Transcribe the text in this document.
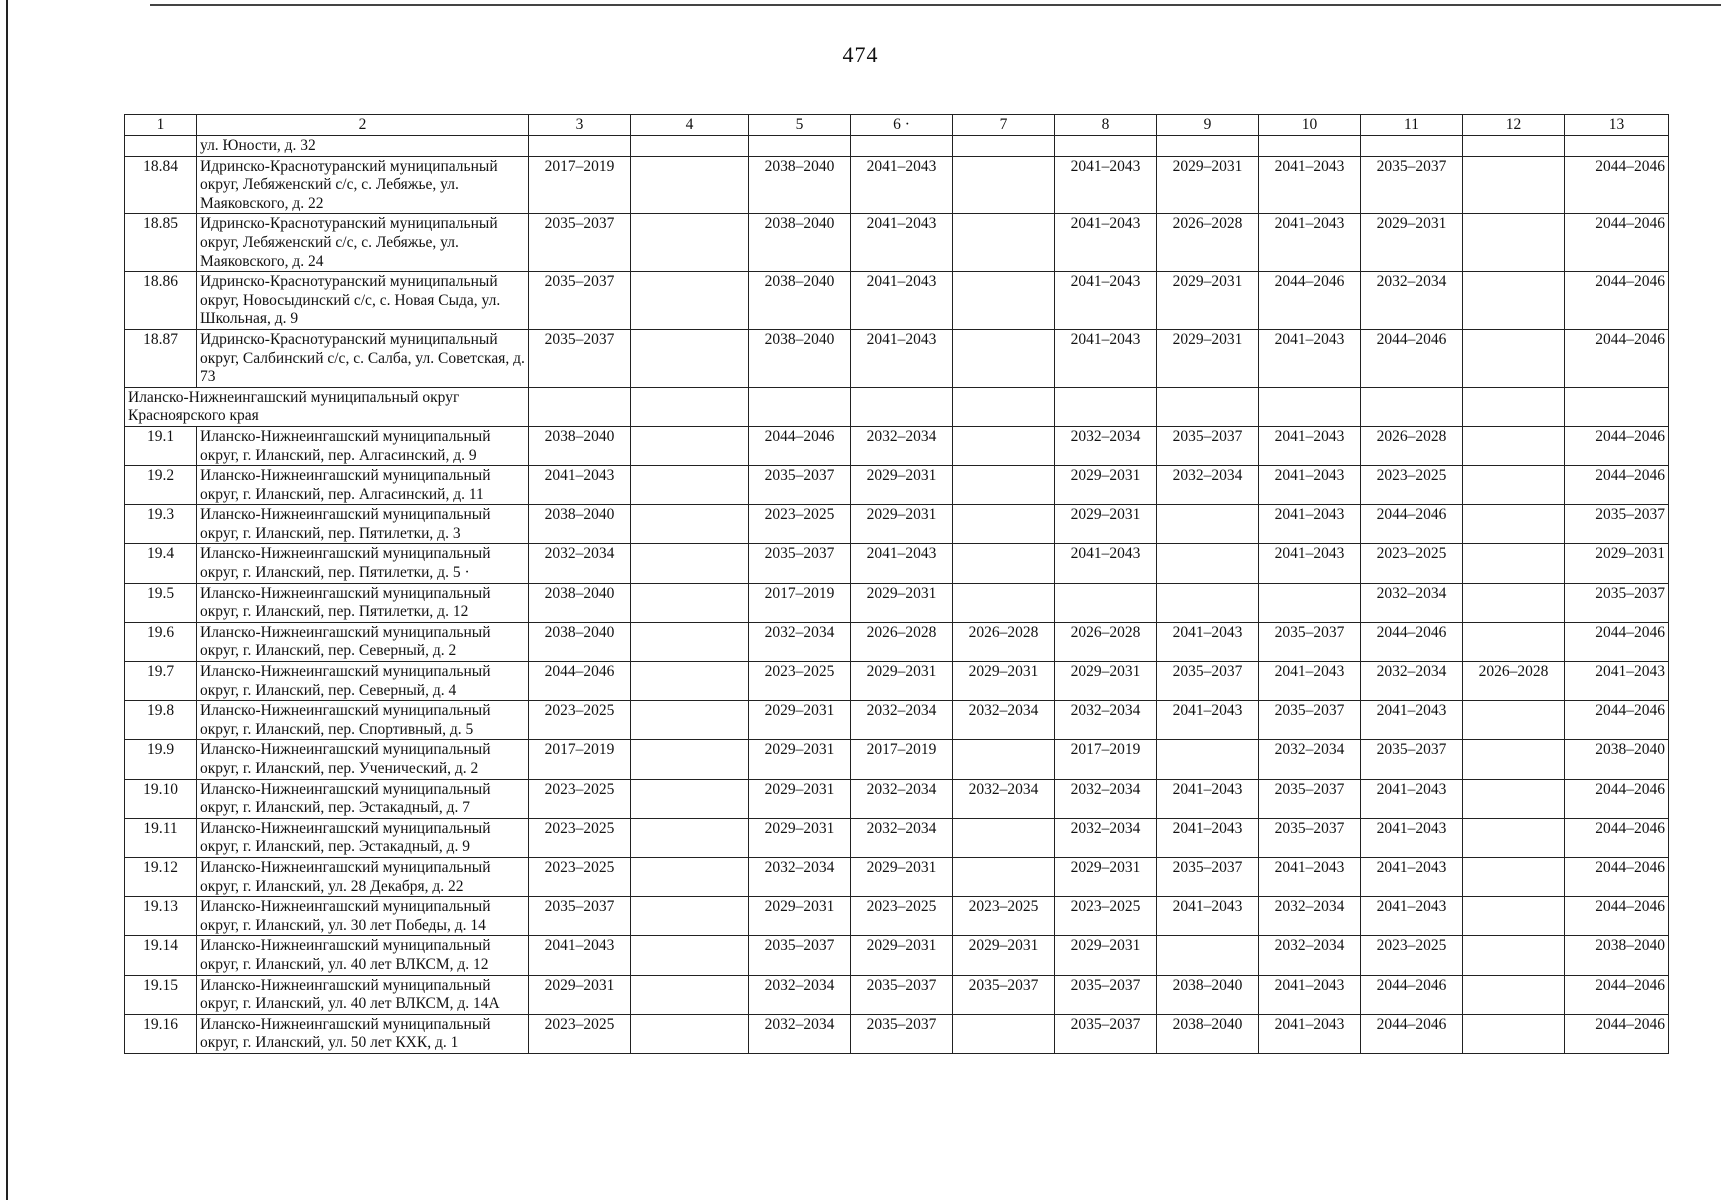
474
1	2	3	4	5	6 ·	7	8	9	10	11	12	13
	ул. Юности, д. 32											
18.84	Идринско-Краснотуранский муниципальный округ, Лебяженский с/с, с. Лебяжье, ул. Маяковского, д. 22	2017–2019		2038–2040	2041–2043		2041–2043	2029–2031	2041–2043	2035–2037		2044–2046
18.85	Идринско-Краснотуранский муниципальный округ, Лебяженский с/с, с. Лебяжье, ул. Маяковского, д. 24	2035–2037		2038–2040	2041–2043		2041–2043	2026–2028	2041–2043	2029–2031		2044–2046
18.86	Идринско-Краснотуранский муниципальный округ, Новосыдинский с/с, с. Новая Сыда, ул. Школьная, д. 9	2035–2037		2038–2040	2041–2043		2041–2043	2029–2031	2044–2046	2032–2034		2044–2046
18.87	Идринско-Краснотуранский муниципальный округ, Салбинский с/с, с. Салба, ул. Советская, д. 73	2035–2037		2038–2040	2041–2043		2041–2043	2029–2031	2041–2043	2044–2046		2044–2046
Иланско-Нижнеингашский муниципальный округ Красноярского края												
19.1	Иланско-Нижнеингашский муниципальный округ, г. Иланский, пер. Алгасинский, д. 9	2038–2040		2044–2046	2032–2034		2032–2034	2035–2037	2041–2043	2026–2028		2044–2046
19.2	Иланско-Нижнеингашский муниципальный округ, г. Иланский, пер. Алгасинский, д. 11	2041–2043		2035–2037	2029–2031		2029–2031	2032–2034	2041–2043	2023–2025		2044–2046
19.3	Иланско-Нижнеингашский муниципальный округ, г. Иланский, пер. Пятилетки, д. 3	2038–2040		2023–2025	2029–2031		2029–2031		2041–2043	2044–2046		2035–2037
19.4	Иланско-Нижнеингашский муниципальный округ, г. Иланский, пер. Пятилетки, д. 5 ·	2032–2034		2035–2037	2041–2043		2041–2043		2041–2043	2023–2025		2029–2031
19.5	Иланско-Нижнеингашский муниципальный округ, г. Иланский, пер. Пятилетки, д. 12	2038–2040		2017–2019	2029–2031					2032–2034		2035–2037
19.6	Иланско-Нижнеингашский муниципальный округ, г. Иланский, пер. Северный, д. 2	2038–2040		2032–2034	2026–2028	2026–2028	2026–2028	2041–2043	2035–2037	2044–2046		2044–2046
19.7	Иланско-Нижнеингашский муниципальный округ, г. Иланский, пер. Северный, д. 4	2044–2046		2023–2025	2029–2031	2029–2031	2029–2031	2035–2037	2041–2043	2032–2034	2026–2028	2041–2043
19.8	Иланско-Нижнеингашский муниципальный округ, г. Иланский, пер. Спортивный, д. 5	2023–2025		2029–2031	2032–2034	2032–2034	2032–2034	2041–2043	2035–2037	2041–2043		2044–2046
19.9	Иланско-Нижнеингашский муниципальный округ, г. Иланский, пер. Ученический, д. 2	2017–2019		2029–2031	2017–2019		2017–2019		2032–2034	2035–2037		2038–2040
19.10	Иланско-Нижнеингашский муниципальный округ, г. Иланский, пер. Эстакадный, д. 7	2023–2025		2029–2031	2032–2034	2032–2034	2032–2034	2041–2043	2035–2037	2041–2043		2044–2046
19.11	Иланско-Нижнеингашский муниципальный округ, г. Иланский, пер. Эстакадный, д. 9	2023–2025		2029–2031	2032–2034		2032–2034	2041–2043	2035–2037	2041–2043		2044–2046
19.12	Иланско-Нижнеингашский муниципальный округ, г. Иланский, ул. 28 Декабря, д. 22	2023–2025		2032–2034	2029–2031		2029–2031	2035–2037	2041–2043	2041–2043		2044–2046
19.13	Иланско-Нижнеингашский муниципальный округ, г. Иланский, ул. 30 лет Победы, д. 14	2035–2037		2029–2031	2023–2025	2023–2025	2023–2025	2041–2043	2032–2034	2041–2043		2044–2046
19.14	Иланско-Нижнеингашский муниципальный округ, г. Иланский, ул. 40 лет ВЛКСМ, д. 12	2041–2043		2035–2037	2029–2031	2029–2031	2029–2031		2032–2034	2023–2025		2038–2040
19.15	Иланско-Нижнеингашский муниципальный округ, г. Иланский, ул. 40 лет ВЛКСМ, д. 14А	2029–2031		2032–2034	2035–2037	2035–2037	2035–2037	2038–2040	2041–2043	2044–2046		2044–2046
19.16	Иланско-Нижнеингашский муниципальный округ, г. Иланский, ул. 50 лет КХК, д. 1	2023–2025		2032–2034	2035–2037		2035–2037	2038–2040	2041–2043	2044–2046		2044–2046
